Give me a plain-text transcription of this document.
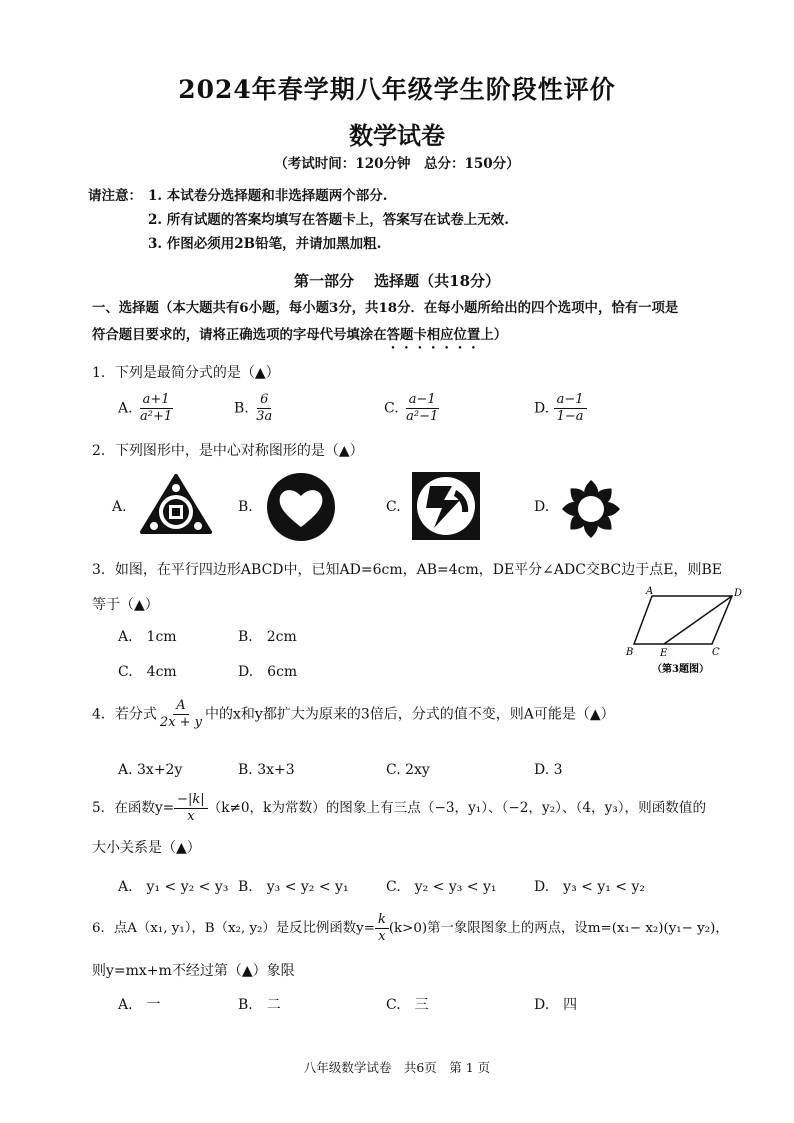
2024年春学期八年级学生阶段性评价
数学试卷
（考试时间：120分钟　总分：150分）
请注意： 1. 本试卷分选择题和非选择题两个部分.
2. 所有试题的答案均填写在答题卡上，答案写在试卷上无效.
3. 作图必须用2B铅笔，并请加黑加粗.
第一部分　 选择题（共18分）
一、选择题（本大题共有6小题，每小题3分，共18分．在每小题所给出的四个选项中，恰有一项是
符合题目要求的，请将正确选项的字母代号填涂在答题卡相应位置上）
1．下列是最简分式的是（▲）
A. $\frac{a+1}{\text{a²+1}}$	B. $\frac{6}{3a}$	C. $\frac{a-1}{\text{a²−1}}$	D. $\frac{a-1}{1-a}$
2．下列图形中，是中心对称图形的是（▲）
A.	B.	C.	D.
3．如图，在平行四边形ABCD中，已知AD=6cm，AB=4cm，DE平分∠ADC交BC边于点E，则BE
等于（▲）
A.　1cm	B.　2cm
C.　4cm	D.　6cm
A	D
B	E	C
（第3题图）
4．若分式 $\frac{A}{2x + y}$ 中的x和y都扩大为原来的3倍后，分式的值不变，则A可能是（▲）
A. 3x+2y	B. 3x+3	C. 2xy	D. 3
5．在函数$y= \frac{-|k|}{x} (k\ne 0$，k为常数）的图象上有三点（−3，y₁）、（−2，y₂）、（4，y₃），则函数值的
大小关系是（▲）
A.　y₁ < y₂ < y₃ B.　y₃ < y₂ < y₁	C.　y₂ < y₃ < y₁	D.　y₃ < y₁ < y₂
6．点A（x₁, y₁），B（x₂, y₂）是反比例函数$y= \frac{k}{x} (k>0)$第一象限图象上的两点，设m=(x₁− x₂)(y₁− y₂)，
则y=mx+m不经过第（▲）象限
A.　一	B.　二	C.　三	D.　四
八年级数学试卷　共6页　第 1 页
